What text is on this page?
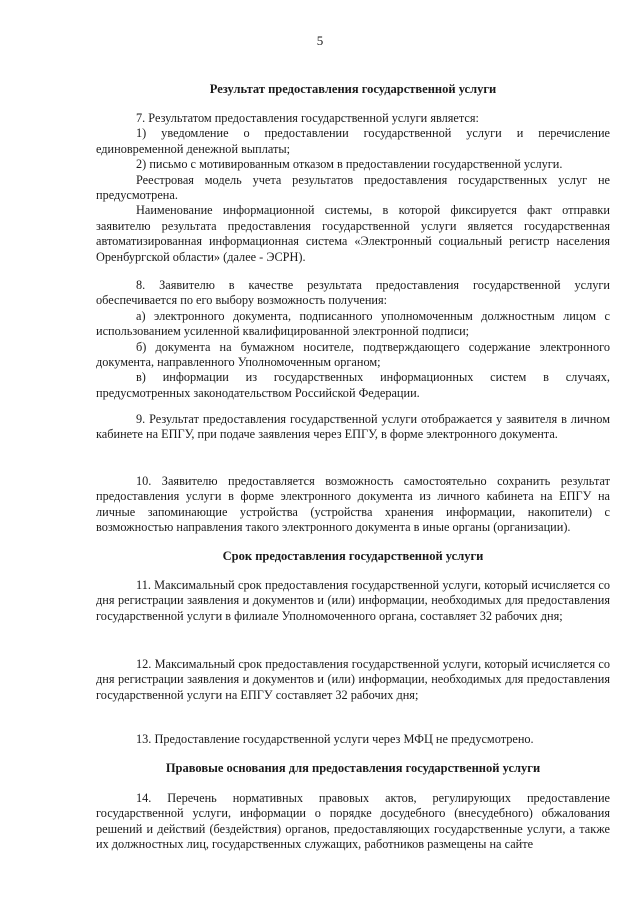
5
Результат предоставления государственной услуги

7. Результатом предоставления государственной услуги является:

1) уведомление о предоставлении государственной услуги и перечисление единовременной денежной выплаты;

2) письмо с мотивированным отказом в предоставлении государственной услуги.

Реестровая модель учета результатов предоставления государственных услуг не предусмотрена.

Наименование информационной системы, в которой фиксируется факт отправки заявителю результата предоставления государственной услуги является государственная автоматизированная информационная система «Электронный социальный регистр населения Оренбургской области» (далее - ЭСРН).

8. Заявителю в качестве результата предоставления государственной услуги обеспечивается по его выбору возможность получения:

а) электронного документа, подписанного уполномоченным должностным лицом с использованием усиленной квалифицированной электронной подписи;

б) документа на бумажном носителе, подтверждающего содержание электронного документа, направленного Уполномоченным органом;

в) информации из государственных информационных систем в случаях, предусмотренных законодательством Российской Федерации.

9. Результат предоставления государственной услуги отображается у заявителя в личном кабинете на ЕПГУ, при подаче заявления через ЕПГУ, в форме электронного документа.

10. Заявителю предоставляется возможность самостоятельно сохранить результат предоставления услуги в форме электронного документа из личного кабинета на ЕПГУ на личные запоминающие устройства (устройства хранения информации, накопители) с возможностью направления такого электронного документа в иные органы (организации).

Срок предоставления государственной услуги

11. Максимальный срок предоставления государственной услуги, который исчисляется со дня регистрации заявления и документов и (или) информации, необходимых для предоставления государственной услуги в филиале Уполномоченного органа, составляет 32 рабочих дня;

12. Максимальный срок предоставления государственной услуги, который исчисляется со дня регистрации заявления и документов и (или) информации, необходимых для предоставления государственной услуги на ЕПГУ составляет 32 рабочих дня;

13. Предоставление государственной услуги через МФЦ не предусмотрено.

Правовые основания для предоставления государственной услуги

14. Перечень нормативных правовых актов, регулирующих предоставление государственной услуги, информации о порядке досудебного (внесудебного) обжалования решений и действий (бездействия) органов, предоставляющих государственные услуги, а также их должностных лиц, государственных служащих, работников размещены на сайте
